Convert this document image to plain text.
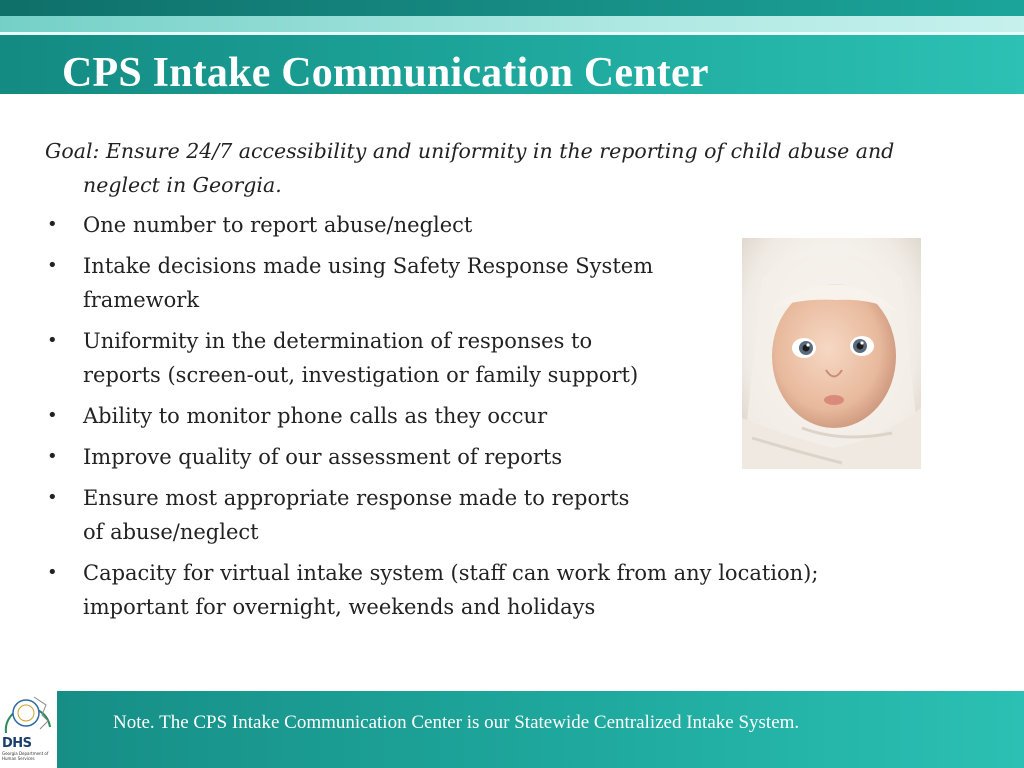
CPS Intake Communication Center

Goal: Ensure 24/7 accessibility and uniformity in the reporting of child abuse and neglect in Georgia.

• One number to report abuse/neglect
• Intake decisions made using Safety Response System framework
• Uniformity in the determination of responses to reports (screen-out, investigation or family support)
• Ability to monitor phone calls as they occur
• Improve quality of our assessment of reports
• Ensure most appropriate response made to reports of abuse/neglect
• Capacity for virtual intake system (staff can work from any location); important for overnight, weekends and holidays
DHS
Georgia Department of Human Services

Note. The CPS Intake Communication Center is our Statewide Centralized Intake System.
